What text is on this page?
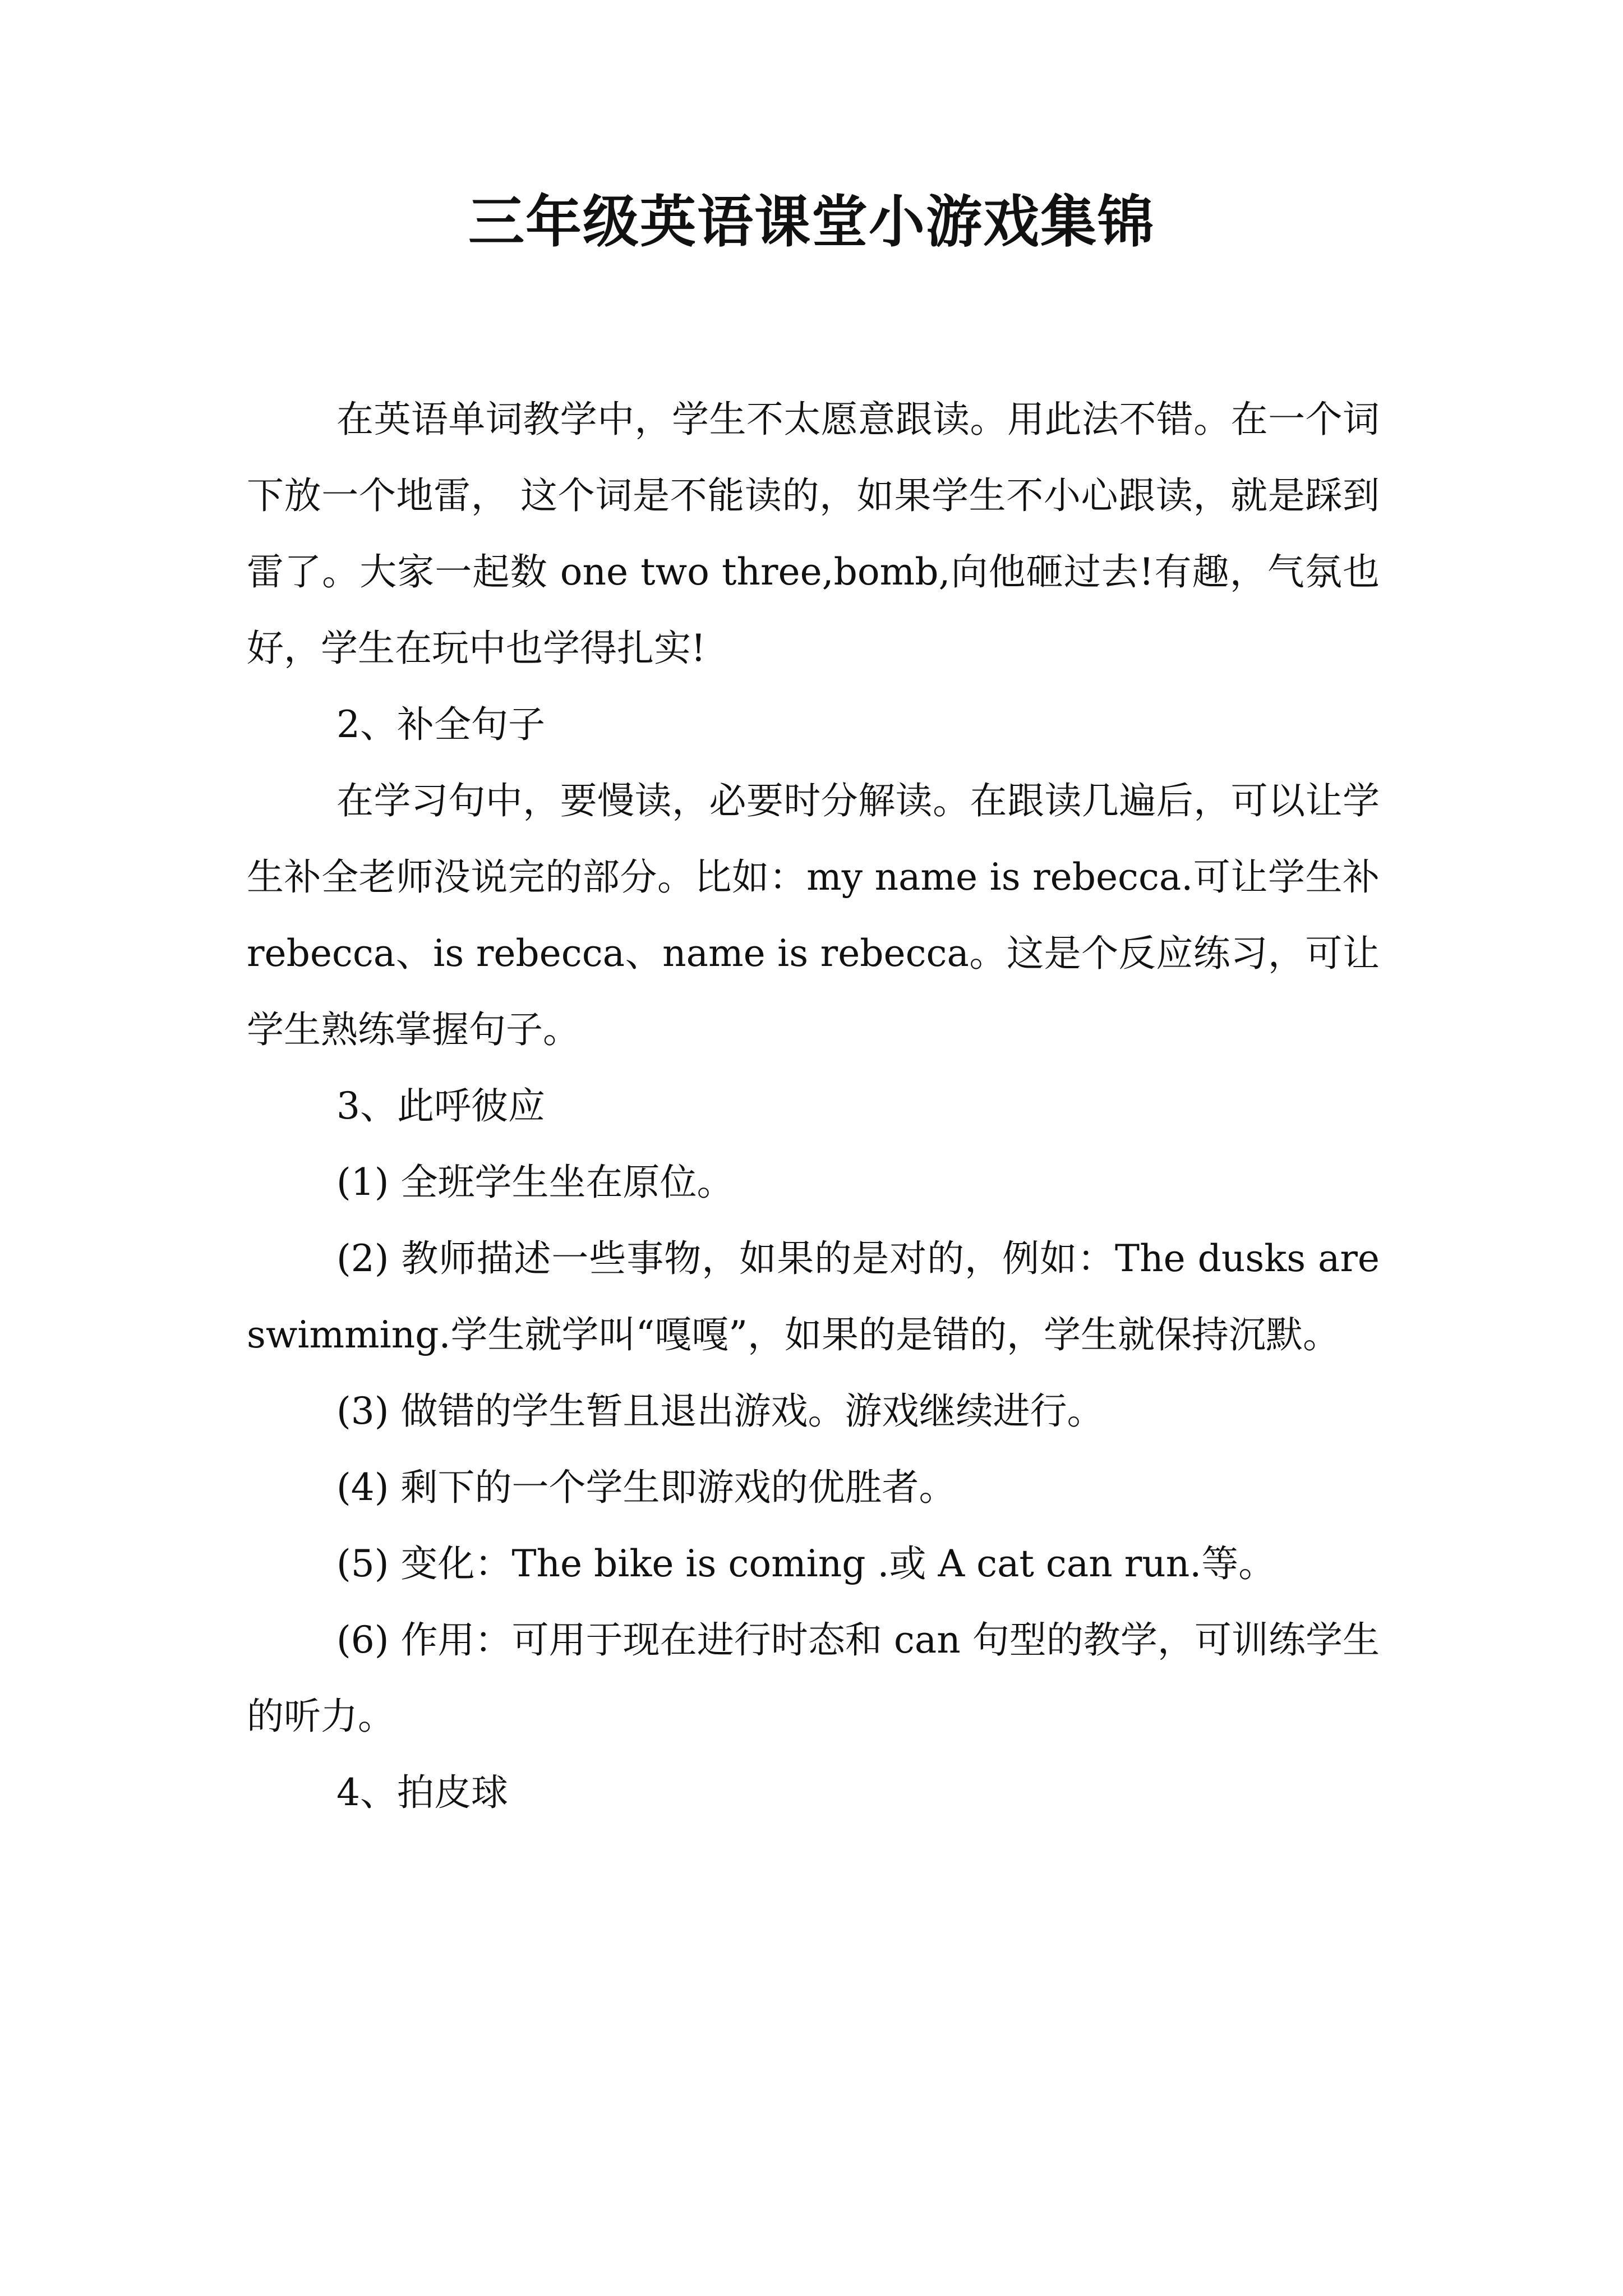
三年级英语课堂小游戏集锦

在英语单词教学中，学生不太愿意跟读。用此法不错。在一个词下放一个地雷， 这个词是不能读的，如果学生不小心跟读，就是踩到雷了。大家一起数 one two three,bomb,向他砸过去!有趣，气氛也好，学生在玩中也学得扎实!

2、补全句子

在学习句中，要慢读，必要时分解读。在跟读几遍后，可以让学生补全老师没说完的部分。比如：my name is rebecca.可让学生补 rebecca、is rebecca、name is rebecca。这是个反应练习，可让学生熟练掌握句子。

3、此呼彼应

(1) 全班学生坐在原位。

(2) 教师描述一些事物，如果的是对的，例如：The dusks are swimming.学生就学叫“嘎嘎”，如果的是错的，学生就保持沉默。

(3) 做错的学生暂且退出游戏。游戏继续进行。

(4) 剩下的一个学生即游戏的优胜者。

(5) 变化：The bike is coming .或 A cat can run.等。

(6) 作用：可用于现在进行时态和 can 句型的教学，可训练学生的听力。

4、拍皮球
